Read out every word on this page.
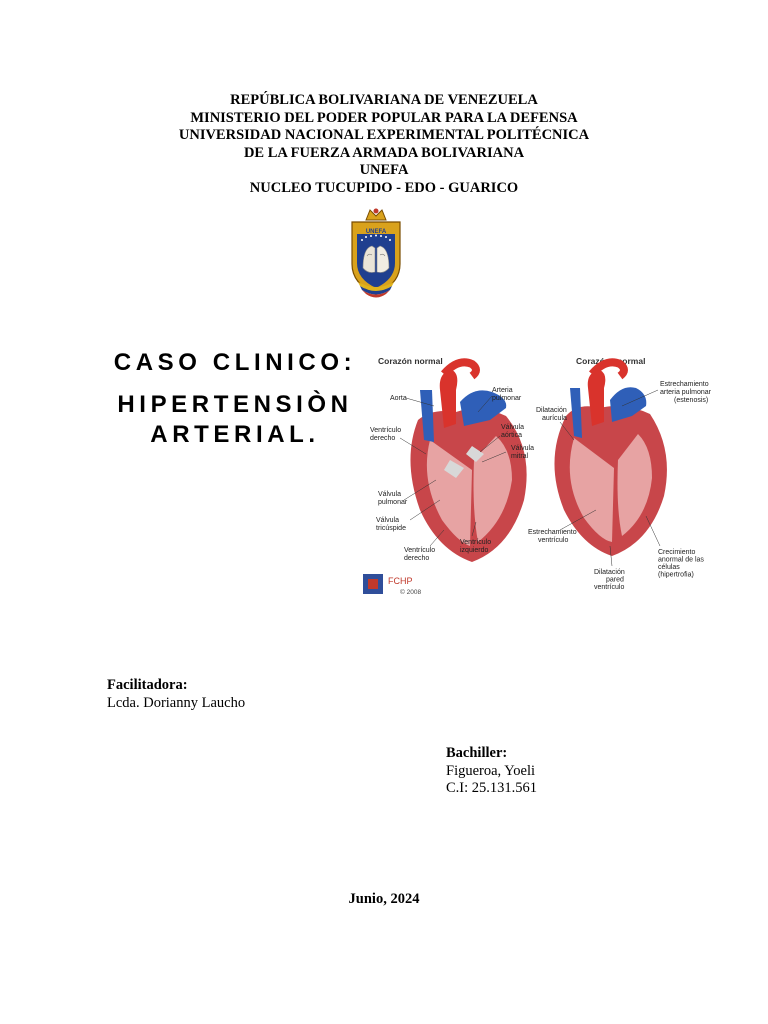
REPÚBLICA BOLIVARIANA DE VENEZUELA
MINISTERIO DEL PODER POPULAR PARA LA DEFENSA
UNIVERSIDAD NACIONAL EXPERIMENTAL POLITÉCNICA
DE LA FUERZA ARMADA BOLIVARIANA
UNEFA
NUCLEO TUCUPIDO - EDO - GUARICO
UNEFA
CASO CLINICO:
HIPERTENSIÒN
ARTERIAL.
Corazón normal	Corazón anormal
Aorta
Arteria pulmonar
Ventrículo derecho
Válvula aórtica
Válvula mitral
Válvula pulmonar
Válvula tricúspide
Ventrículo derecho
Ventrículo izquierdo
Estrechamiento arteria pulmonar (estenosis)
Dilatación aurícula
Estrechamiento ventrículo
Crecimiento anormal de las células (hipertrofia)
Dilatación pared ventrículo
FCHP
© 2008
Facilitadora:
Lcda. Dorianny Laucho
Bachiller:
Figueroa, Yoeli
C.I: 25.131.561
Junio, 2024
